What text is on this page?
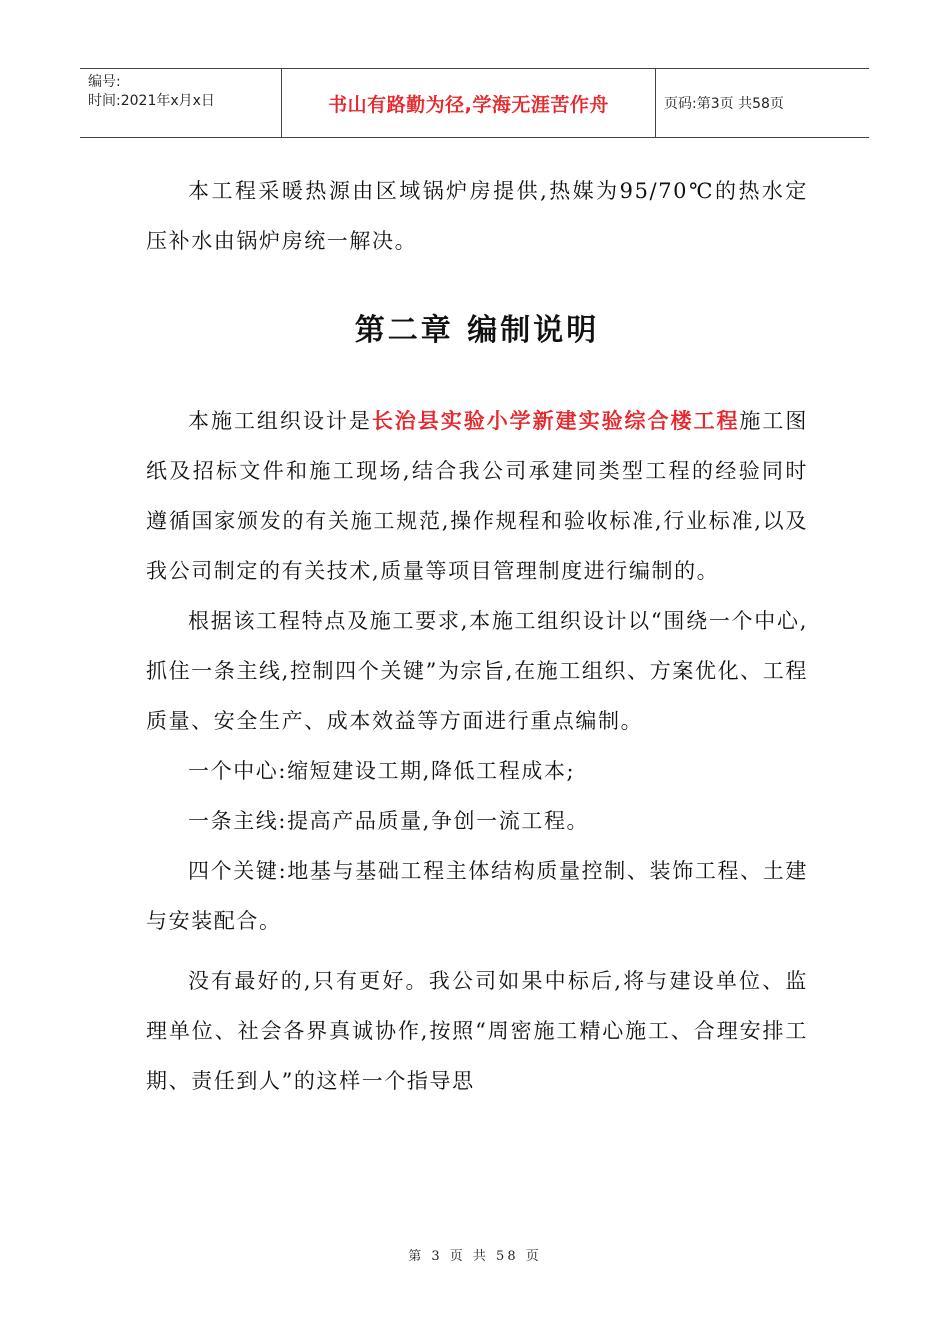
编号:
时间:2021年x月x日	书山有路勤为径,学海无涯苦作舟	页码:第3页 共58页

本工程采暖热源由区域锅炉房提供,热媒为95/70℃的热水定压补水由锅炉房统一解决。

第二章 编制说明

本施工组织设计是长治县实验小学新建实验综合楼工程施工图纸及招标文件和施工现场,结合我公司承建同类型工程的经验同时遵循国家颁发的有关施工规范,操作规程和验收标准,行业标准,以及我公司制定的有关技术,质量等项目管理制度进行编制的。

根据该工程特点及施工要求,本施工组织设计以“围绕一个中心,抓住一条主线,控制四个关键”为宗旨,在施工组织、方案优化、工程质量、安全生产、成本效益等方面进行重点编制。

一个中心:缩短建设工期,降低工程成本;

一条主线:提高产品质量,争创一流工程。

四个关键:地基与基础工程主体结构质量控制、装饰工程、土建与安装配合。

没有最好的,只有更好。我公司如果中标后,将与建设单位、监理单位、社会各界真诚协作,按照“周密施工精心施工、合理安排工期、责任到人”的这样一个指导思

第 3 页 共 58 页
